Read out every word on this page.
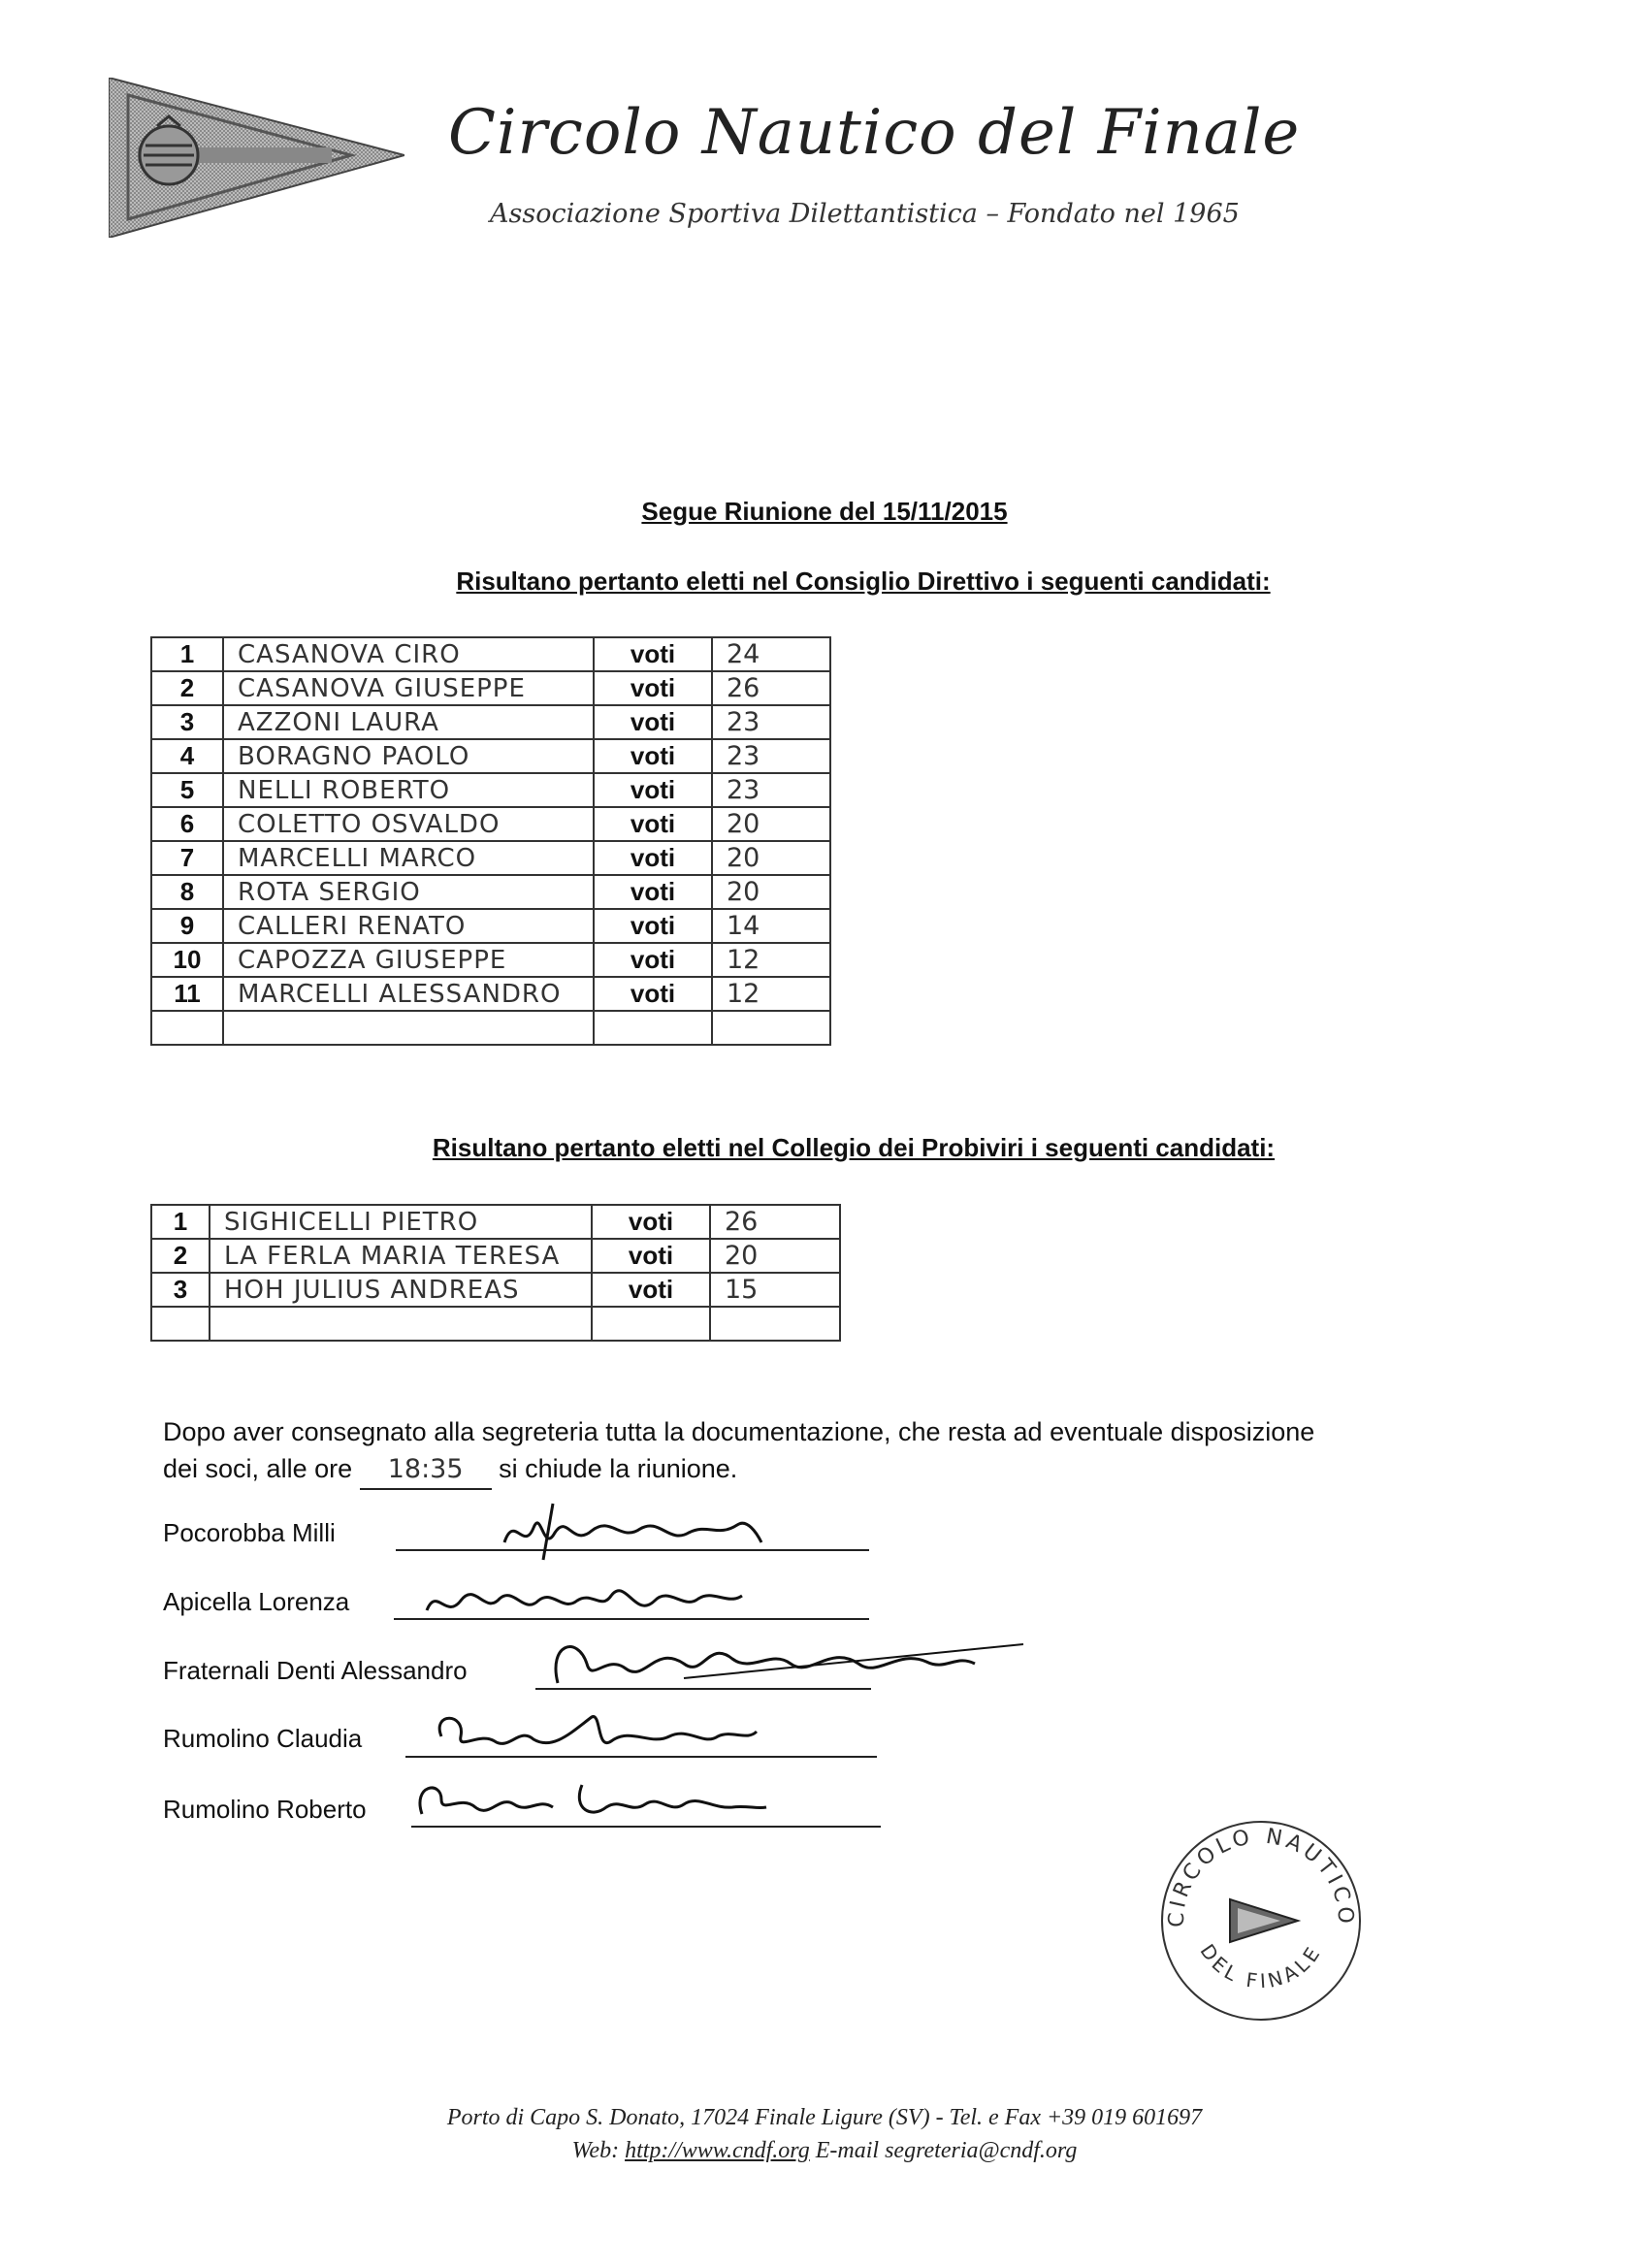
Circolo Nautico del Finale
Associazione Sportiva Dilettantistica – Fondato nel 1965
Segue Riunione del 15/11/2015
Risultano pertanto eletti nel Consiglio Direttivo i seguenti candidati:
1	CASANOVA CIRO	voti	24
2	CASANOVA GIUSEPPE	voti	26
3	AZZONI LAURA	voti	23
4	BORAGNO PAOLO	voti	23
5	NELLI ROBERTO	voti	23
6	COLETTO OSVALDO	voti	20
7	MARCELLI MARCO	voti	20
8	ROTA SERGIO	voti	20
9	CALLERI RENATO	voti	14
10	CAPOZZA GIUSEPPE	voti	12
11	MARCELLI ALESSANDRO	voti	12

Risultano pertanto eletti nel Collegio dei Probiviri i seguenti candidati:
1	SIGHICELLI PIETRO	voti	26
2	LA FERLA MARIA TERESA	voti	20
3	HOH JULIUS ANDREAS	voti	15

Dopo aver consegnato alla segreteria tutta la documentazione, che resta ad eventuale disposizione
dei soci, alle ore 18:35 si chiude la riunione.
Pocorobba Milli
Apicella Lorenza
Fraternali Denti Alessandro
Rumolino Claudia
Rumolino Roberto
CIRCOLO NAUTICO
DEL FINALE
Porto di Capo S. Donato, 17024 Finale Ligure (SV) - Tel. e Fax +39 019 601697
Web: http://www.cndf.org E-mail segreteria@cndf.org
